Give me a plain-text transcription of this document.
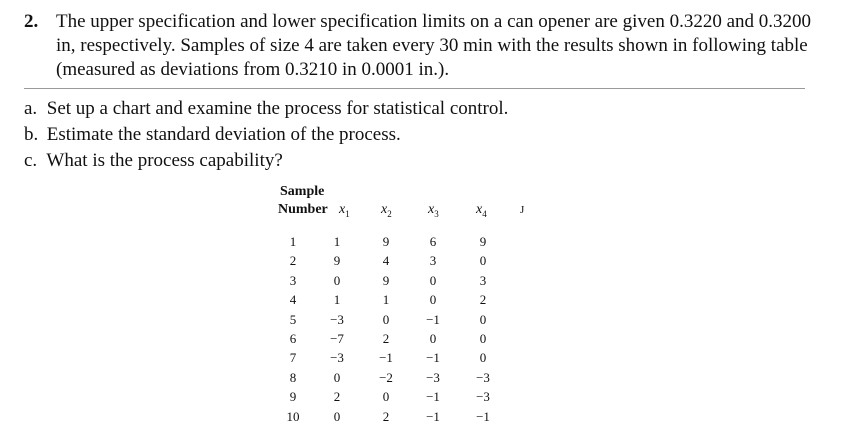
2. The upper specification and lower specification limits on a can opener are given 0.3220 and 0.3200 in, respectively. Samples of size 4 are taken every 30 min with the results shown in following table (measured as deviations from 0.3210 in 0.0001 in.).
a. Set up a chart and examine the process for statistical control.
b. Estimate the standard deviation of the process.
c. What is the process capability?
Sample
Number $x_1$ $x_2$	$x_3$	$x_4$	J
1	1	9	6	9
2	9	4	3	0
3	0	9	0	3
4	1	1	0	2
5	−3	0	−1	0
6	−7	2	0	0
7	−3	−1	−1	0
8	0	−2	−3	−3
9	2	0	−1	−3
10	0	2	−1	−1
